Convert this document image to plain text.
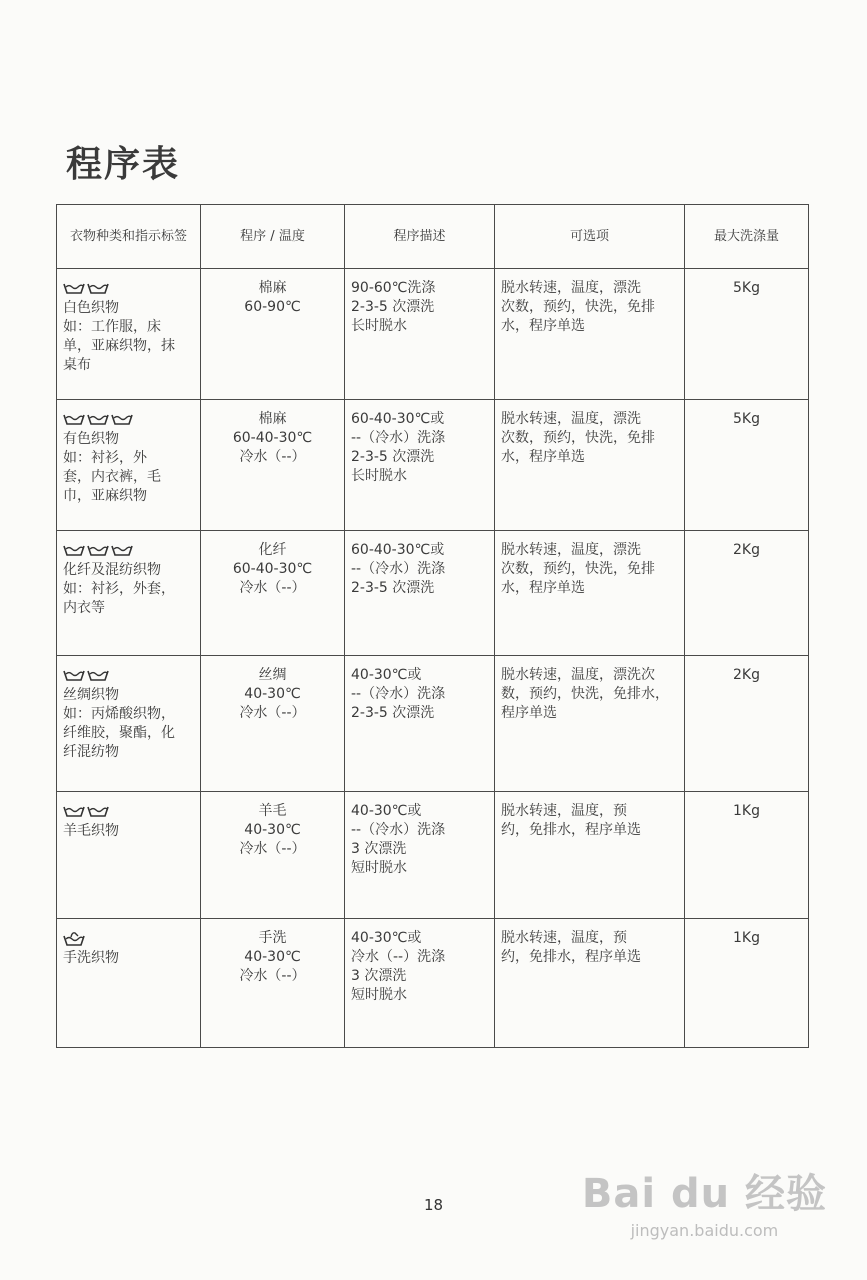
程序表
衣物种类和指示标签	程序 / 温度	程序描述	可选项	最大洗涤量

白色织物
如：工作服，床
单，亚麻织物，抹
桌布	棉麻
60-90℃	90-60℃洗涤
2-3-5 次漂洗
长时脱水	脱水转速，温度，漂洗
次数，预约，快洗，免排
水，程序单选	5Kg

有色织物
如：衬衫，外
套，内衣裤，毛
巾，亚麻织物	棉麻
60-40-30℃
冷水（--）	60-40-30℃或
--（冷水）洗涤
2-3-5 次漂洗
长时脱水	脱水转速，温度，漂洗
次数，预约，快洗，免排
水，程序单选	5Kg

化纤及混纺织物
如：衬衫，外套，
内衣等	化纤
60-40-30℃
冷水（--）	60-40-30℃或
--（冷水）洗涤
2-3-5 次漂洗	脱水转速，温度，漂洗
次数，预约，快洗，免排
水，程序单选	2Kg

丝绸织物
如：丙烯酸织物，
纤维胶，聚酯，化
纤混纺物	丝绸
40-30℃
冷水（--）	40-30℃或
--（冷水）洗涤
2-3-5 次漂洗	脱水转速，温度，漂洗次
数，预约，快洗，免排水，
程序单选	2Kg

羊毛织物	羊毛
40-30℃
冷水（--）	40-30℃或
--（冷水）洗涤
3 次漂洗
短时脱水	脱水转速，温度，预
约，免排水，程序单选	1Kg

手洗织物	手洗
40-30℃
冷水（--）	40-30℃或
冷水（--）洗涤
3 次漂洗
短时脱水	脱水转速，温度，预
约，免排水，程序单选	1Kg
18	Bai du 经验
jingyan.baidu.com
